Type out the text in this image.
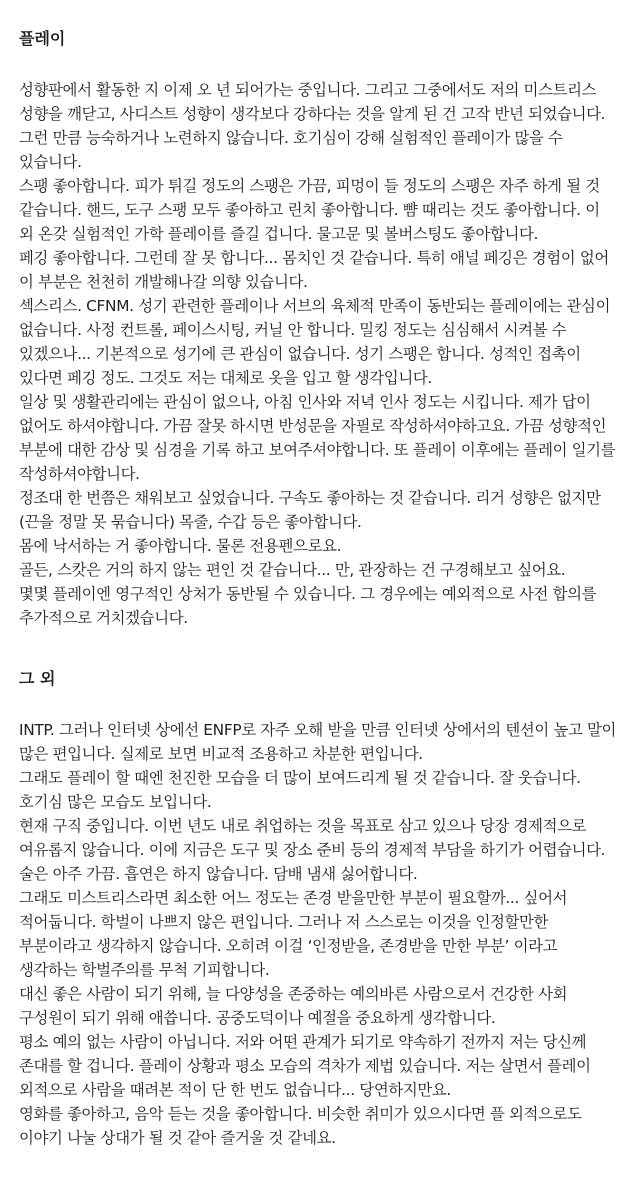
플레이

성향판에서 활동한 지 이제 오 년 되어가는 중입니다. 그리고 그중에서도 저의 미스트리스 성향을 깨닫고, 사디스트 성향이 생각보다 강하다는 것을 알게 된 건 고작 반년 되었습니다. 그런 만큼 능숙하거나 노련하지 않습니다. 호기심이 강해 실험적인 플레이가 많을 수 있습니다.

스팽 좋아합니다. 피가 튀길 정도의 스팽은 가끔, 피멍이 들 정도의 스팽은 자주 하게 될 것 같습니다. 핸드, 도구 스팽 모두 좋아하고 린치 좋아합니다. 뺨 때리는 것도 좋아합니다. 이 외 온갖 실험적인 가학 플레이를 즐길 겁니다. 물고문 및 볼버스팅도 좋아합니다.

페깅 좋아합니다. 그런데 잘 못 합니다... 몸치인 것 같습니다. 특히 애널 페깅은 경험이 없어 이 부분은 천천히 개발해나갈 의향 있습니다.

섹스리스. CFNM. 성기 관련한 플레이나 서브의 육체적 만족이 동반되는 플레이에는 관심이 없습니다. 사정 컨트롤, 페이스시팅, 커닐 안 합니다. 밀킹 정도는 심심해서 시켜볼 수 있겠으나... 기본적으로 성기에 큰 관심이 없습니다. 성기 스팽은 합니다. 성적인 접촉이 있다면 페깅 정도. 그것도 저는 대체로 옷을 입고 할 생각입니다.

일상 및 생활관리에는 관심이 없으나, 아침 인사와 저녁 인사 정도는 시킵니다. 제가 답이 없어도 하셔야합니다. 가끔 잘못 하시면 반성문을 자필로 작성하셔야하고요. 가끔 성향적인 부분에 대한 감상 및 심경을 기록 하고 보여주셔야합니다. 또 플레이 이후에는 플레이 일기를 작성하셔야합니다.

정조대 한 번쯤은 채워보고 싶었습니다. 구속도 좋아하는 것 같습니다. 리거 성향은 없지만 (끈을 정말 못 묶습니다) 목줄, 수갑 등은 좋아합니다.

몸에 낙서하는 거 좋아합니다. 물론 전용펜으로요.

골든, 스캇은 거의 하지 않는 편인 것 같습니다... 만, 관장하는 건 구경해보고 싶어요.

몇몇 플레이엔 영구적인 상처가 동반될 수 있습니다. 그 경우에는 예외적으로 사전 합의를 추가적으로 거치겠습니다.

그 외

INTP. 그러나 인터넷 상에선 ENFP로 자주 오해 받을 만큼 인터넷 상에서의 텐션이 높고 말이 많은 편입니다. 실제로 보면 비교적 조용하고 차분한 편입니다.

그래도 플레이 할 때엔 천진한 모습을 더 많이 보여드리게 될 것 같습니다. 잘 웃습니다. 호기심 많은 모습도 보입니다.

현재 구직 중입니다. 이번 년도 내로 취업하는 것을 목표로 삼고 있으나 당장 경제적으로 여유롭지 않습니다. 이에 지금은 도구 및 장소 준비 등의 경제적 부담을 하기가 어렵습니다.

술은 아주 가끔. 흡연은 하지 않습니다. 담배 냄새 싫어합니다.

그래도 미스트리스라면 최소한 어느 정도는 존경 받을만한 부분이 필요할까... 싶어서 적어둡니다. 학벌이 나쁘지 않은 편입니다. 그러나 저 스스로는 이것을 인정할만한 부분이라고 생각하지 않습니다. 오히려 이걸 ‘인정받을, 존경받을 만한 부분’ 이라고 생각하는 학벌주의를 무척 기피합니다.

대신 좋은 사람이 되기 위해, 늘 다양성을 존중하는 예의바른 사람으로서 건강한 사회 구성원이 되기 위해 애씁니다. 공중도덕이나 예절을 중요하게 생각합니다.

평소 예의 없는 사람이 아닙니다. 저와 어떤 관계가 되기로 약속하기 전까지 저는 당신께 존대를 할 겁니다. 플레이 상황과 평소 모습의 격차가 제법 있습니다. 저는 살면서 플레이 외적으로 사람을 때려본 적이 단 한 번도 없습니다... 당연하지만요.

영화를 좋아하고, 음악 듣는 것을 좋아합니다. 비슷한 취미가 있으시다면 플 외적으로도 이야기 나눌 상대가 될 것 같아 즐거울 것 같네요.
